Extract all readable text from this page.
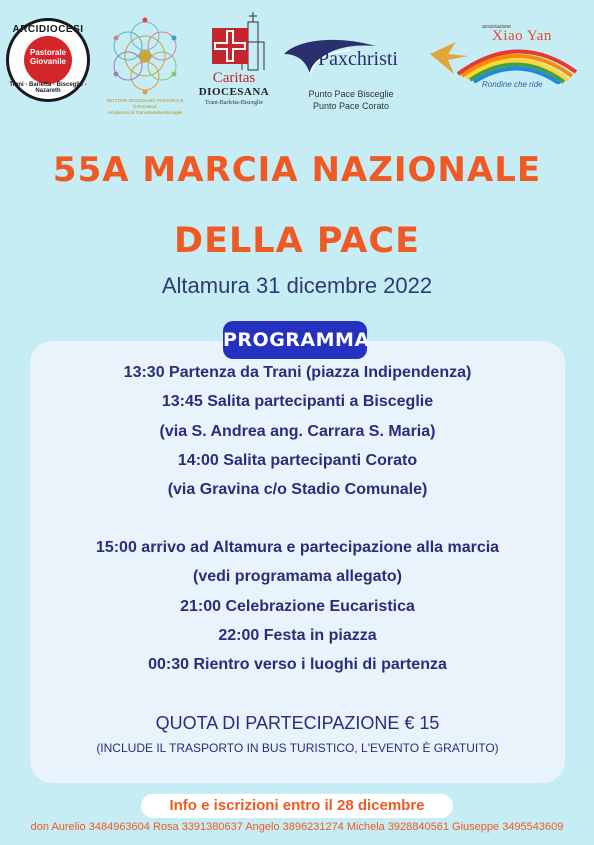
ARCIDIOCESI
Pastorale
Giovanile
Trani - Barletta - Bisceglie - Nazareth
SETTORE DIOCESANO PASTORALE GIOVANILE
Arcidiocesi di Trani-Barletta-Bisceglie
Caritas
DIOCESANA
Trani-Barletta-Bisceglie
Paxchristi
Punto Pace Bisceglie
Punto Pace Corato
associazione
Xiao Yan
Rondine che ride
55A MARCIA NAZIONALE
DELLA PACE
Altamura 31 dicembre 2022
PROGRAMMA
13:30 Partenza da Trani (piazza Indipendenza)
13:45 Salita partecipanti a Bisceglie
(via S. Andrea ang. Carrara S. Maria)
14:00 Salita partecipanti Corato
(via Gravina c/o Stadio Comunale)
15:00 arrivo ad Altamura e partecipazione alla marcia
(vedi programama allegato)
21:00 Celebrazione Eucaristica
22:00 Festa in piazza
00:30 Rientro verso i luoghi di partenza
QUOTA DI PARTECIPAZIONE € 15
(INCLUDE IL TRASPORTO IN BUS TURISTICO, L'EVENTO È GRATUITO)
Info e iscrizioni entro il 28 dicembre
don Aurelio 3484963604 Rosa 3391380637 Angelo 3896231274 Michela 3928840561 Giuseppe 3495543609
